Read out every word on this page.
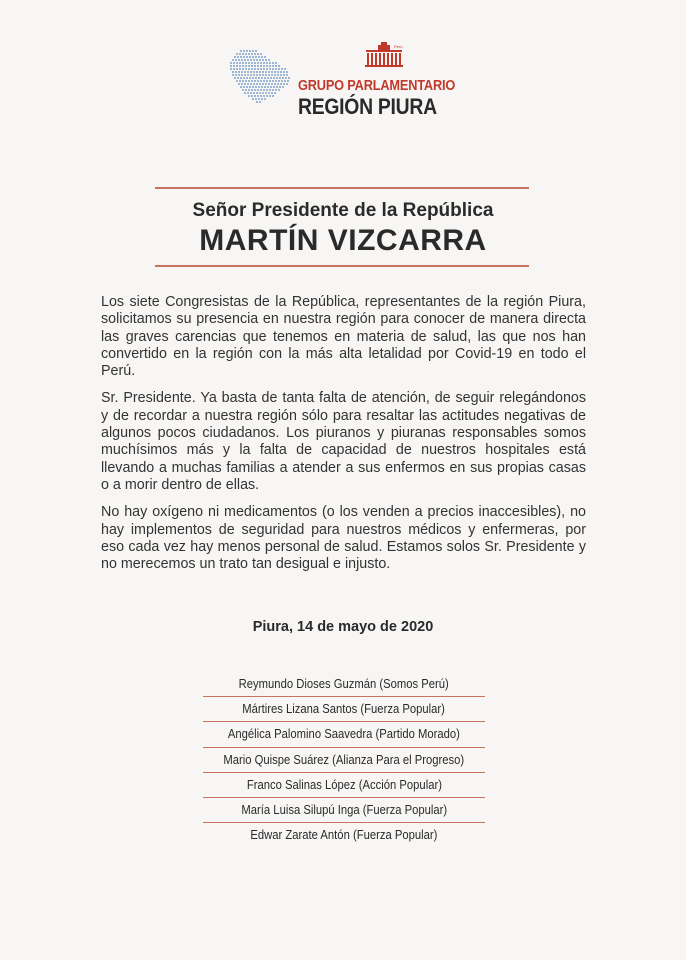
Perú
GRUPO PARLAMENTARIO
REGIÓN PIURA
Señor Presidente de la República
MARTÍN VIZCARRA

Los siete Congresistas de la República, representantes de la región Piura, solicitamos su presencia en nuestra región para conocer de manera directa las graves carencias que tenemos en materia de salud, las que nos han convertido en la región con la más alta letalidad por Covid-19 en todo el Perú.

Sr. Presidente. Ya basta de tanta falta de atención, de seguir relegándonos y de recordar a nuestra región sólo para resaltar las actitudes negativas de algunos pocos ciudadanos. Los piuranos y piuranas responsables somos muchísimos más y la falta de capacidad de nuestros hospitales está llevando a muchas familias a atender a sus enfermos en sus propias casas o a morir dentro de ellas.

No hay oxígeno ni medicamentos (o los venden a precios inaccesibles), no hay implementos de seguridad para nuestros médicos y enfermeras, por eso cada vez hay menos personal de salud. Estamos solos Sr. Presidente y no merecemos un trato tan desigual e injusto.

Piura, 14 de mayo de 2020
Reymundo Dioses Guzmán (Somos Perú)
Mártires Lizana Santos (Fuerza Popular)
Angélica Palomino Saavedra (Partido Morado)
Mario Quispe Suárez (Alianza Para el Progreso)
Franco Salinas López (Acción Popular)
María Luisa Silupú Inga (Fuerza Popular)
Edwar Zarate Antón (Fuerza Popular)
